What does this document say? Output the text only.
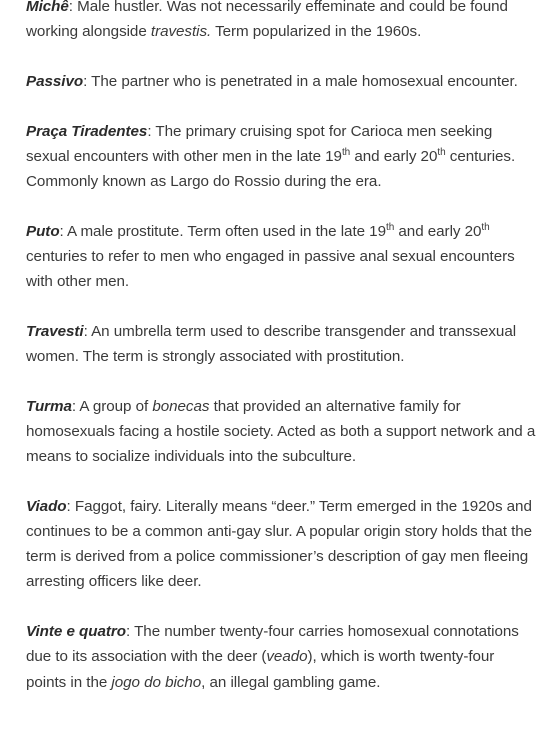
Michê: Male hustler. Was not necessarily effeminate and could be found working alongside travestis. Term popularized in the 1960s.

Passivo: The partner who is penetrated in a male homosexual encounter.

Praça Tiradentes: The primary cruising spot for Carioca men seeking sexual encounters with other men in the late 19th and early 20th centuries. Commonly known as Largo do Rossio during the era.

Puto: A male prostitute. Term often used in the late 19th and early 20th centuries to refer to men who engaged in passive anal sexual encounters with other men.

Travesti: An umbrella term used to describe transgender and transsexual women. The term is strongly associated with prostitution.

Turma: A group of bonecas that provided an alternative family for homosexuals facing a hostile society. Acted as both a support network and a means to socialize individuals into the subculture.

Viado: Faggot, fairy. Literally means “deer.” Term emerged in the 1920s and continues to be a common anti-gay slur. A popular origin story holds that the term is derived from a police commissioner’s description of gay men fleeing arresting officers like deer.

Vinte e quatro: The number twenty-four carries homosexual connotations due to its association with the deer (veado), which is worth twenty-four points in the jogo do bicho, an illegal gambling game.
